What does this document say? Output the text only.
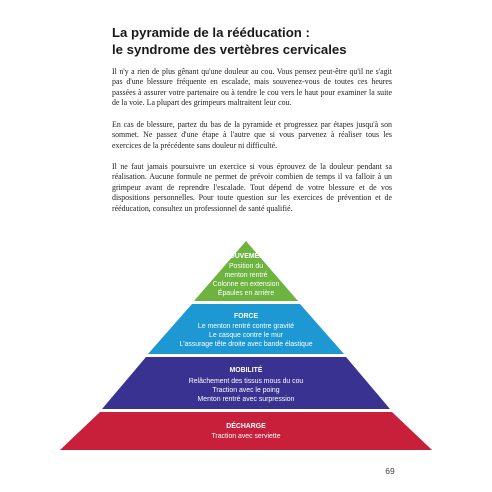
La pyramide de la rééducation :
le syndrome des vertèbres cervicales

Il n'y a rien de plus gênant qu'une douleur au cou. Vous pensez peut-être qu'il ne s'agit pas d'une blessure fréquente en escalade, mais souvenez-vous de toutes ces heures passées à assurer votre partenaire ou à tendre le cou vers le haut pour examiner la suite de la voie. La plupart des grimpeurs maltraitent leur cou.

En cas de blessure, partez du bas de la pyramide et progressez par étapes jusqu'à son sommet. Ne passez d'une étape à l'autre que si vous parvenez à réaliser tous les exercices de la précédente sans douleur ni difficulté.

Il ne faut jamais poursuivre un exercice si vous éprouvez de la douleur pendant sa réalisation. Aucune formule ne permet de prévoir combien de temps il va falloir à un grimpeur avant de reprendre l'escalade. Tout dépend de votre blessure et de vos dispositions personnelles. Pour toute question sur les exercices de prévention et de rééducation, consultez un professionnel de santé qualifié.

MOUVEMENT
Position du
menton rentré
Colonne en extension
Épaules en arrière
FORCE
Le menton rentré contre gravité
Le casque contre le mur
L'assurage tête droite avec bande élastique
MOBILITÉ
Relâchement des tissus mous du cou
Traction avec le poing
Menton rentré avec surpression
DÉCHARGE
Traction avec serviette
69
